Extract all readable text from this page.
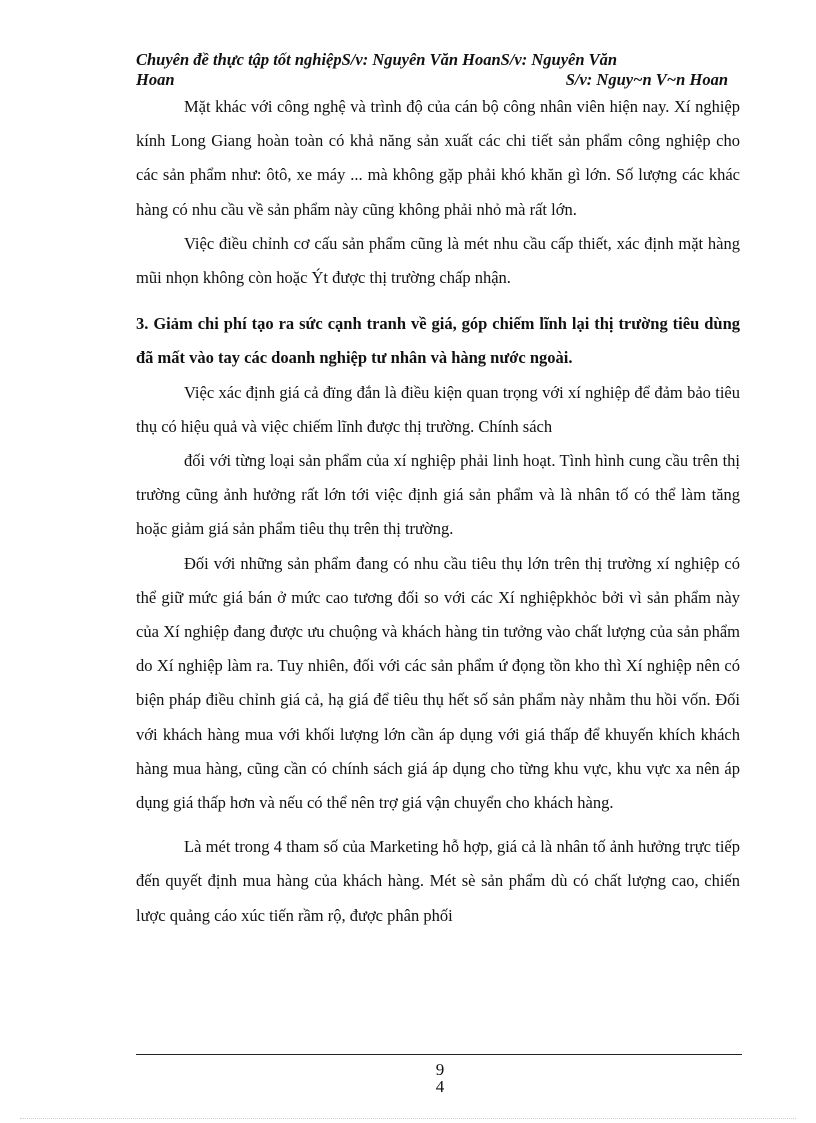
Chuyên đề thực tập tốt nghiệpS/v: Nguyên Văn HoanS/v: Nguyên Văn
Hoan	S/v: Nguy~n V~n Hoan

Mặt khác với công nghệ và trình độ của cán bộ công nhân viên hiện nay. Xí nghiệp kính Long Giang hoàn toàn có khả năng sản xuất các chi tiết sản phẩm công nghiệp cho các sản phẩm như: ôtô, xe máy ... mà không gặp phải khó khăn gì lớn. Số lượng các khác hàng có nhu cầu về sản phẩm này cũng không phải nhỏ mà rất lớn.

Việc điều chỉnh cơ cấu sản phẩm cũng là mét nhu cầu cấp thiết, xác định mặt hàng mũi nhọn không còn hoặc Ýt được thị trường chấp nhận.

3. Giảm chi phí tạo ra sức cạnh tranh về giá, góp chiếm lĩnh lại thị trường tiêu dùng đã mất vào tay các doanh nghiệp tư nhân và hàng nước ngoài.

Việc xác định giá cả đïng đắn là điều kiện quan trọng với xí nghiệp để đảm bảo tiêu thụ có hiệu quả và việc chiếm lĩnh được thị trường. Chính sách

đối với từng loại sản phẩm của xí nghiệp phải linh hoạt. Tình hình cung cầu trên thị trường cũng ảnh hưởng rất lớn tới việc định giá sản phẩm và là nhân tố có thể làm tăng hoặc giảm giá sản phẩm tiêu thụ trên thị trường.

Đối với những sản phẩm đang có nhu cầu tiêu thụ lớn trên thị trường xí nghiệp có thể giữ mức giá bán ở mức cao tương đối so với các Xí nghiệpkhỏc bởi vì sản phẩm này của Xí nghiệp đang được ưu chuộng và khách hàng tin tưởng vào chất lượng của sản phẩm do Xí nghiệp làm ra. Tuy nhiên, đối với các sản phẩm ứ đọng tồn kho thì Xí nghiệp nên có biện pháp điều chỉnh giá cả, hạ giá để tiêu thụ hết số sản phẩm này nhằm thu hồi vốn. Đối với khách hàng mua với khối lượng lớn cần áp dụng với giá thấp để khuyến khích khách hàng mua hàng, cũng cần có chính sách giá áp dụng cho từng khu vực, khu vực xa nên áp dụng giá thấp hơn và nếu có thể nên trợ giá vận chuyển cho khách hàng.

Là mét trong 4 tham số của Marketing hỗ hợp, giá cả là nhân tố ảnh hưởng trực tiếp đến quyết định mua hàng của khách hàng. Mét sè sản phẩm dù có chất lượng cao, chiến lược quảng cáo xúc tiến rầm rộ, được phân phối

9
4
